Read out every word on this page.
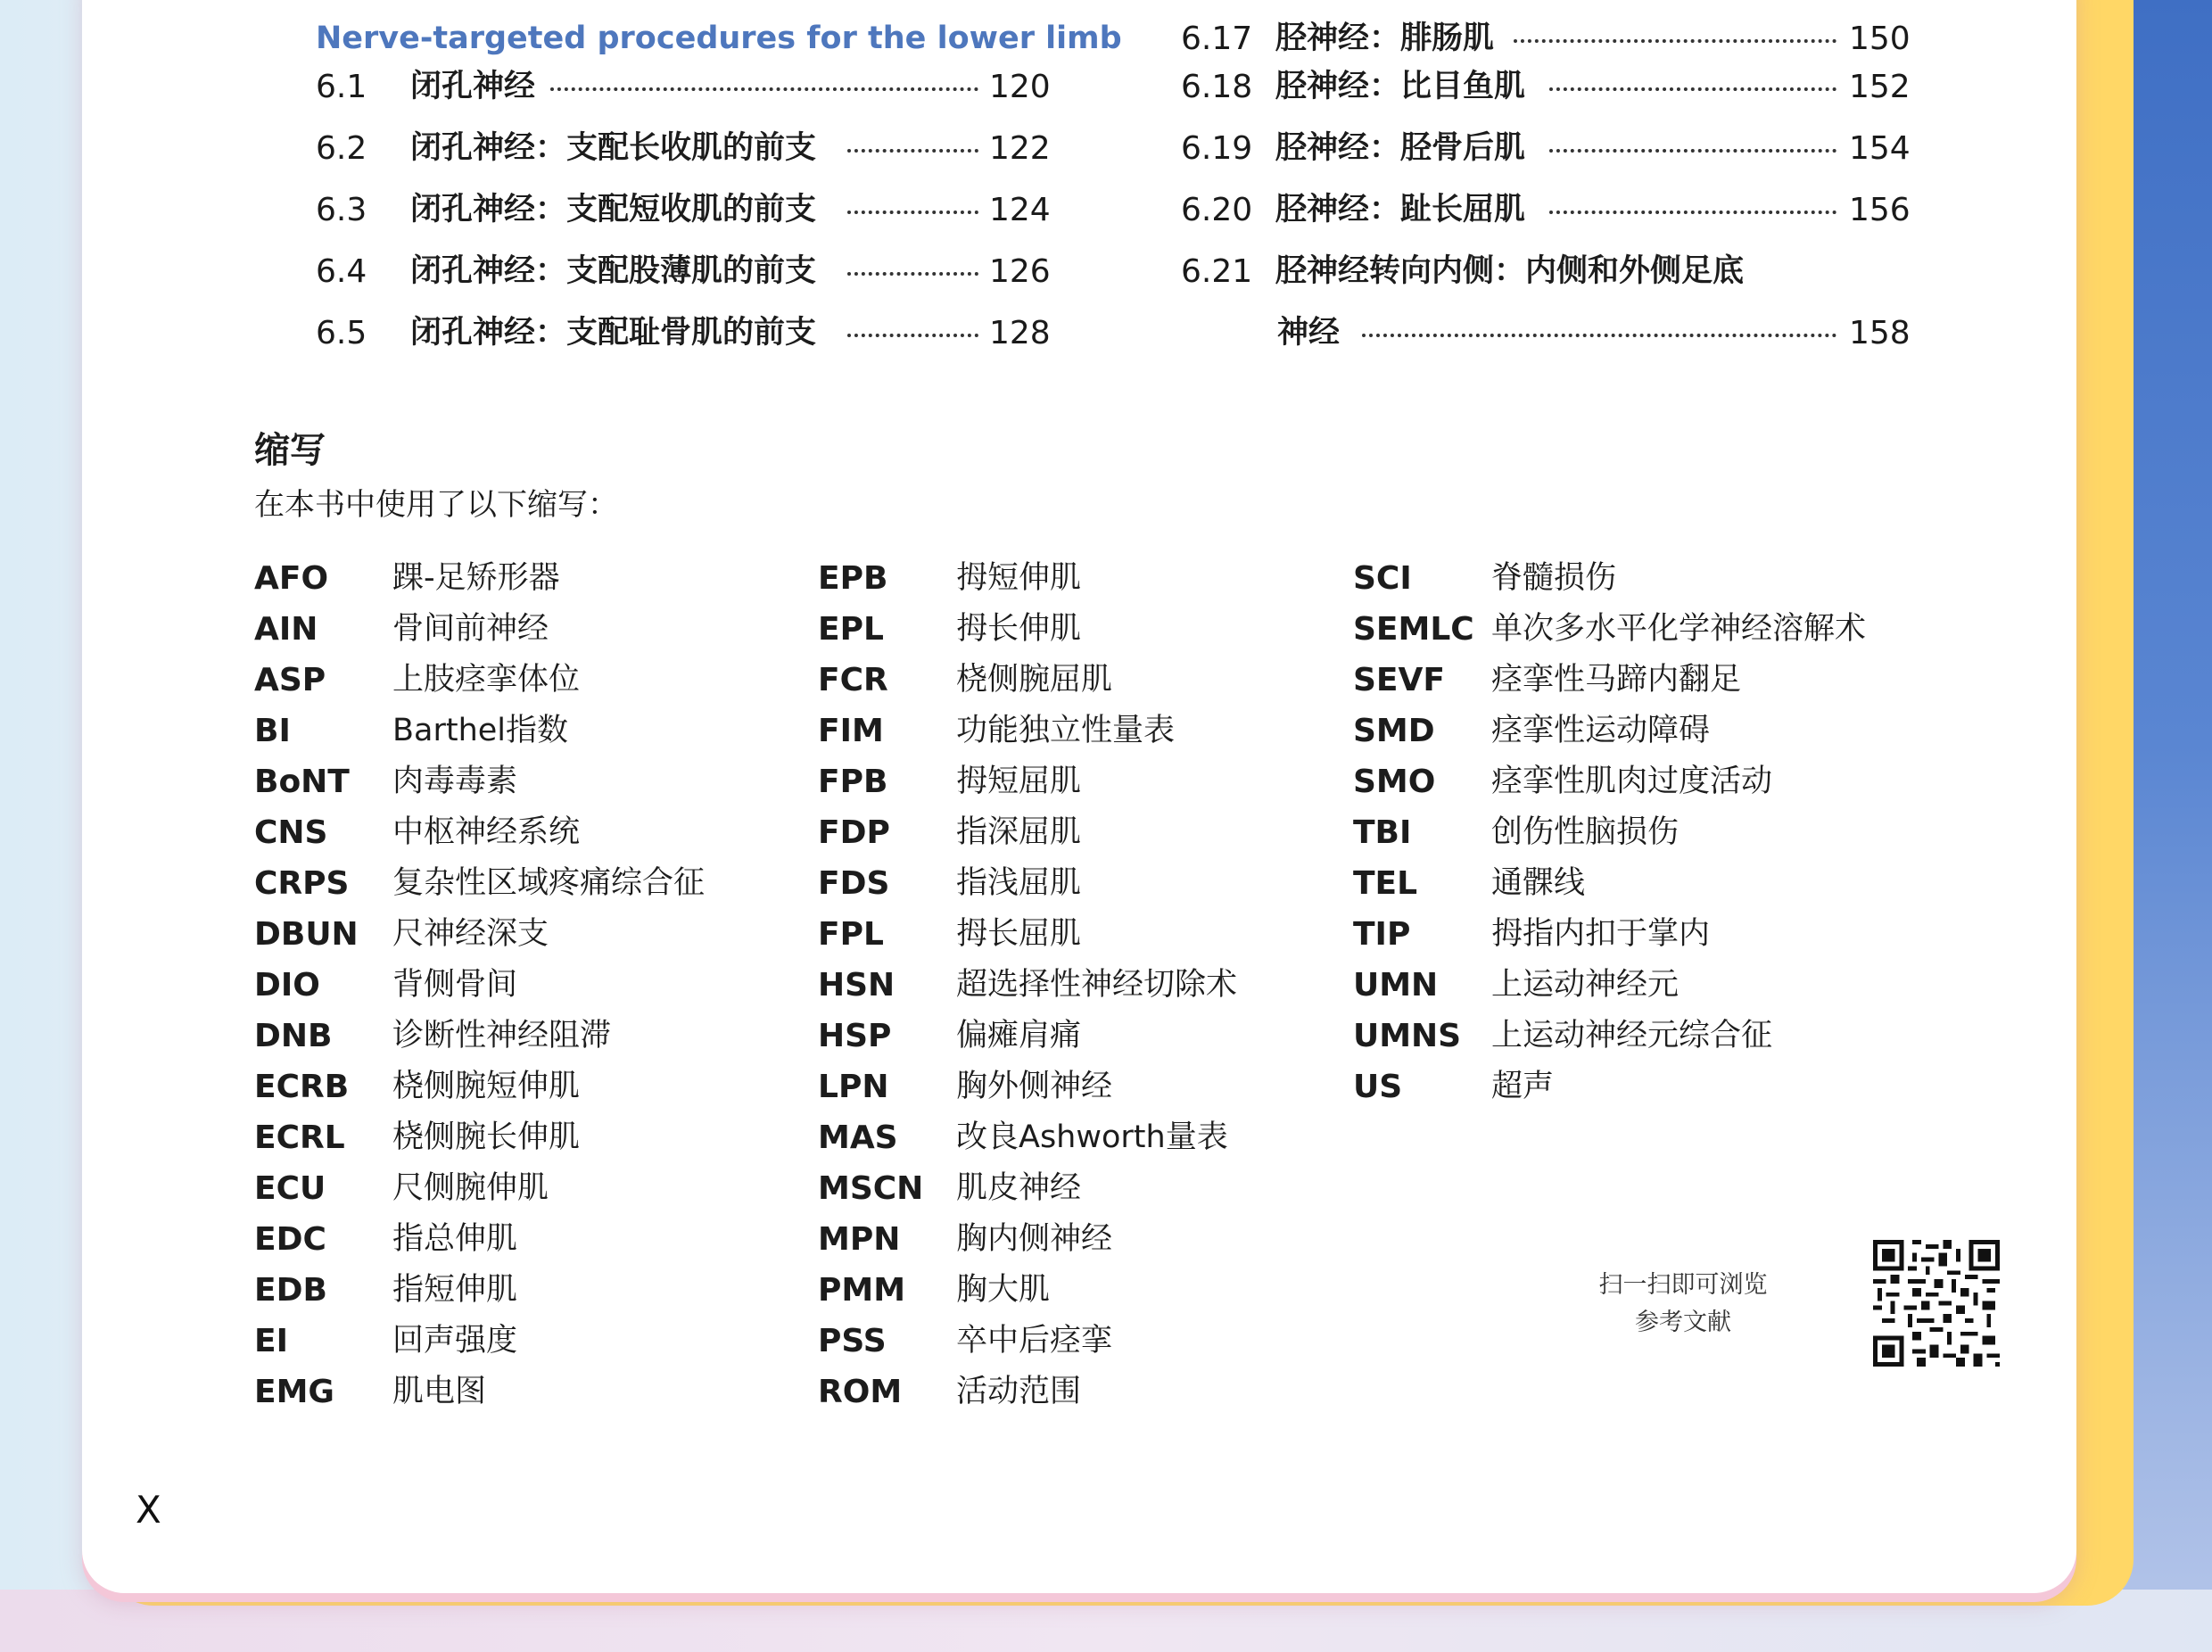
Nerve-targeted procedures for the lower limb
6.1 闭孔神经	120
6.2 闭孔神经：支配长收肌的前支	122
6.3 闭孔神经：支配短收肌的前支	124
6.4 闭孔神经：支配股薄肌的前支	126
6.5 闭孔神经：支配耻骨肌的前支	128
6.17 胫神经：腓肠肌	150
6.18 胫神经：比目鱼肌	152
6.19 胫神经：胫骨后肌	154
6.20 胫神经：趾长屈肌	156
6.21 胫神经转向内侧：内侧和外侧足底
神经	158
缩写
在本书中使用了以下缩写：
AFO 踝-足矫形器
AIN 骨间前神经
ASP 上肢痉挛体位
BI	Barthel指数
BoNT 肉毒毒素
CNS 中枢神经系统
CRPS 复杂性区域疼痛综合征
DBUN 尺神经深支
DIO 背侧骨间
DNB 诊断性神经阻滞
ECRB 桡侧腕短伸肌
ECRL 桡侧腕长伸肌
ECU 尺侧腕伸肌
EDC 指总伸肌
EDB 指短伸肌
EI	回声强度
EMG 肌电图
EPB 拇短伸肌
EPL 拇长伸肌
FCR 桡侧腕屈肌
FIM 功能独立性量表
FPB 拇短屈肌
FDP 指深屈肌
FDS 指浅屈肌
FPL 拇长屈肌
HSN 超选择性神经切除术
HSP 偏瘫肩痛
LPN 胸外侧神经
MAS 改良Ashworth量表
MSCN 肌皮神经
MPN 胸内侧神经
PMM 胸大肌
PSS 卒中后痉挛
ROM 活动范围
SCI	脊髓损伤
SEMLC 单次多水平化学神经溶解术
SEVF 痉挛性马蹄内翻足
SMD 痉挛性运动障碍
SMO 痉挛性肌肉过度活动
TBI	创伤性脑损伤
TEL 通髁线
TIP	拇指内扣于掌内
UMN 上运动神经元
UMNS 上运动神经元综合征
US	超声
扫一扫即可浏览
参考文献
X
